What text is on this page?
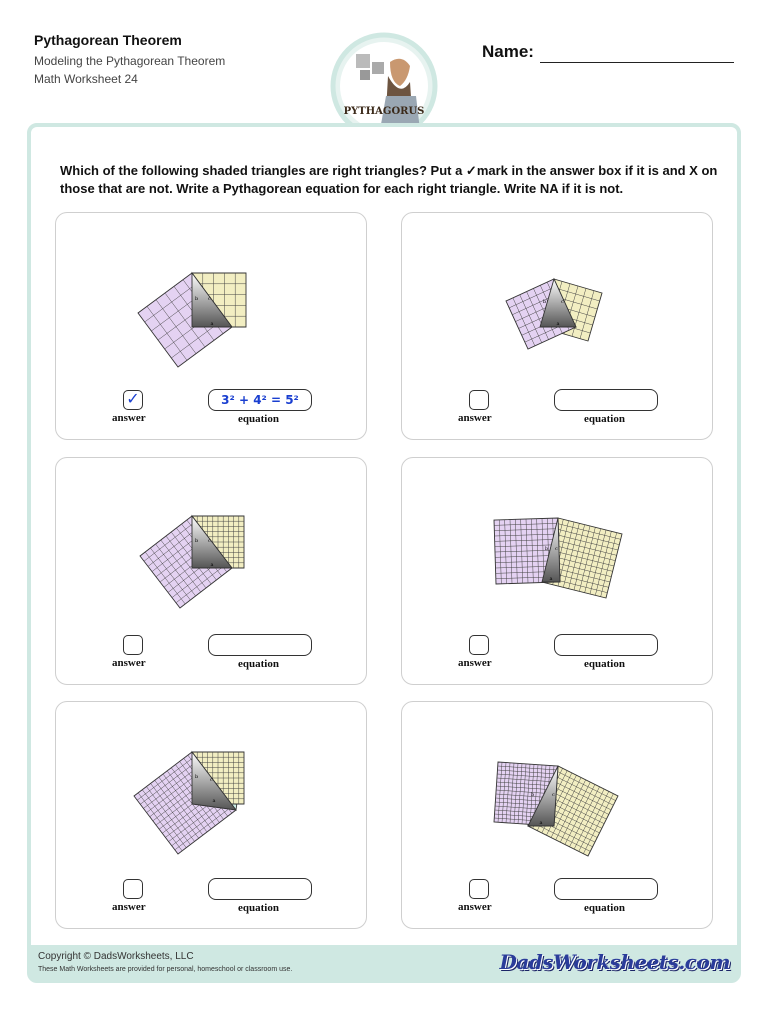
Pythagorean Theorem
Modeling the Pythagorean Theorem
Math Worksheet 24
PYTHAGORUS
Name:
Which of the following shaded triangles are right triangles? Put a ✓mark in the answer box if it is and X on those that are not. Write a Pythagorean equation for each right triangle. Write NA if it is not.
a
b c
✓
answer
3² + 4² = 5²
equation
a
b	c
answer	equation
a
b c
answer	equation
a
b c
answer	equation
a
b c
answer	equation
a
b	c
answer	equation
Copyright © DadsWorksheets, LLC
These Math Worksheets are provided for personal, homeschool or classroom use.	DadsWorksheets.com
